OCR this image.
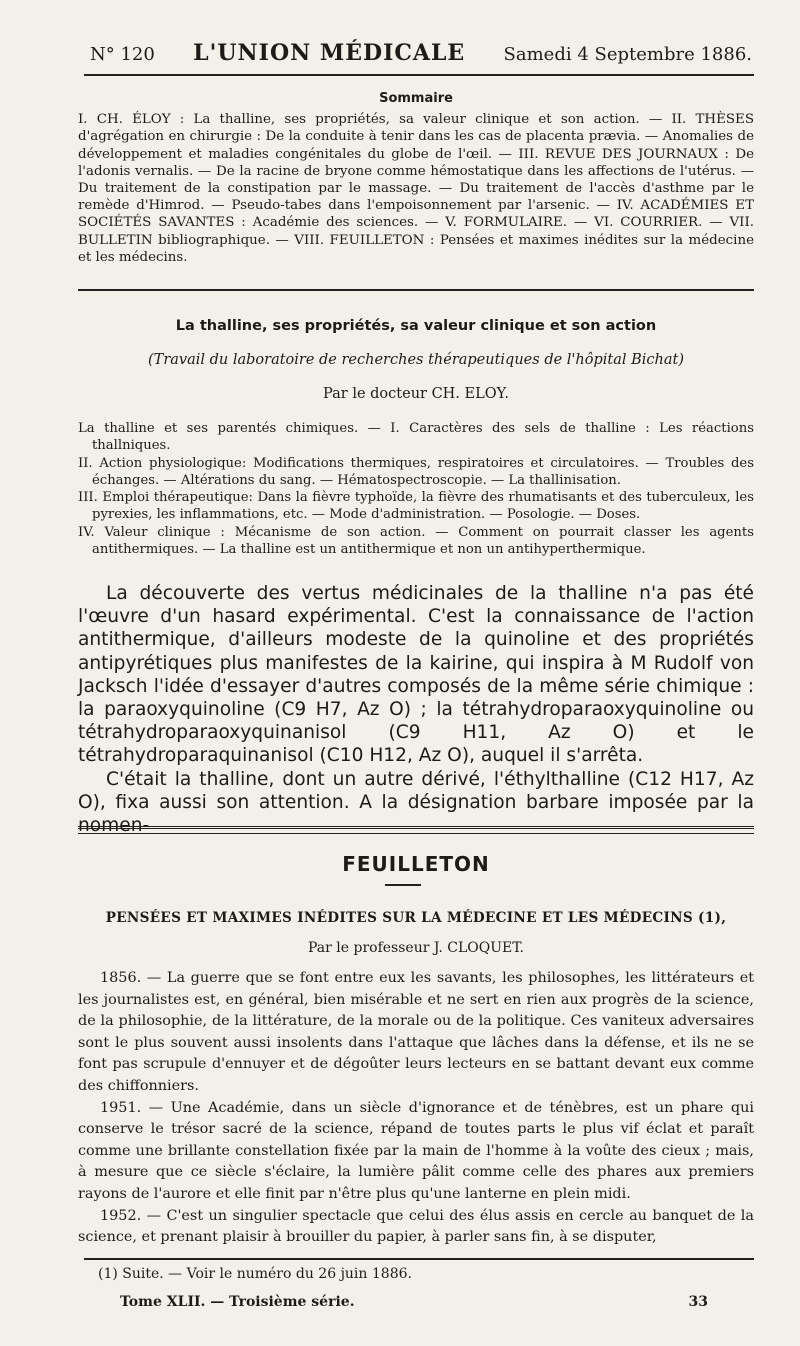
N° 120 L'UNION MÉDICALE Samedi 4 Septembre 1886.
Sommaire
I. CH. ÉLOY : La thalline, ses propriétés, sa valeur clinique et son action. — II. THÈSES d'agrégation en chirurgie : De la conduite à tenir dans les cas de placenta prævia. — Anomalies de développement et maladies congénitales du globe de l'œil. — III. REVUE DES JOURNAUX : De l'adonis vernalis. — De la racine de bryone comme hémostatique dans les affections de l'utérus. — Du traitement de la constipation par le massage. — Du traitement de l'accès d'asthme par le remède d'Himrod. — Pseudo-tabes dans l'empoisonnement par l'arsenic. — IV. ACADÉMIES ET SOCIÉTÉS SAVANTES : Académie des sciences. — V. FORMULAIRE. — VI. COURRIER. — VII. BULLETIN bibliographique. — VIII. FEUILLETON : Pensées et maximes inédites sur la médecine et les médecins.
La thalline, ses propriétés, sa valeur clinique et son action
(Travail du laboratoire de recherches thérapeutiques de l'hôpital Bichat)
Par le docteur CH. ELOY.

La thalline et ses parentés chimiques. — I. Caractères des sels de thalline : Les réactions thallniques.

II. Action physiologique: Modifications thermiques, respiratoires et circulatoires. — Troubles des échanges. — Altérations du sang. — Hématospectroscopie. — La thallinisation.

III. Emploi thérapeutique: Dans la fièvre typhoïde, la fièvre des rhumatisants et des tuberculeux, les pyrexies, les inflammations, etc. — Mode d'administration. — Posologie. — Doses.

IV. Valeur clinique : Mécanisme de son action. — Comment on pourrait classer les agents antithermiques. — La thalline est un antithermique et non un antihyperthermique.

La découverte des vertus médicinales de la thalline n'a pas été l'œuvre d'un hasard expérimental. C'est la connaissance de l'action antithermique, d'ailleurs modeste de la quinoline et des propriétés antipyrétiques plus manifestes de la kairine, qui inspira à M Rudolf von Jacksch l'idée d'essayer d'autres composés de la même série chimique : la paraoxyquinoline (C9 H7, Az O) ; la tétrahydroparaoxyquinoline ou tétrahydroparaoxyquinanisol (C9 H11, Az O) et le tétrahydroparaquinanisol (C10 H12, Az O), auquel il s'arrêta.

C'était la thalline, dont un autre dérivé, l'éthylthalline (C12 H17, Az O), fixa aussi son attention. A la désignation barbare imposée par la nomen-

FEUILLETON
PENSÉES ET MAXIMES INÉDITES SUR LA MÉDECINE ET LES MÉDECINS (1),
Par le professeur J. CLOQUET.

1856. — La guerre que se font entre eux les savants, les philosophes, les littérateurs et les journalistes est, en général, bien misérable et ne sert en rien aux progrès de la science, de la philosophie, de la littérature, de la morale ou de la politique. Ces vaniteux adversaires sont le plus souvent aussi insolents dans l'attaque que lâches dans la défense, et ils ne se font pas scrupule d'ennuyer et de dégoûter leurs lecteurs en se battant devant eux comme des chiffonniers.

1951. — Une Académie, dans un siècle d'ignorance et de ténèbres, est un phare qui conserve le trésor sacré de la science, répand de toutes parts le plus vif éclat et paraît comme une brillante constellation fixée par la main de l'homme à la voûte des cieux ; mais, à mesure que ce siècle s'éclaire, la lumière pâlit comme celle des phares aux premiers rayons de l'aurore et elle finit par n'être plus qu'une lanterne en plein midi.

1952. — C'est un singulier spectacle que celui des élus assis en cercle au banquet de la science, et prenant plaisir à brouiller du papier, à parler sans fin, à se disputer,

(1) Suite. — Voir le numéro du 26 juin 1886.
Tome XLII. — Troisième série.	33
